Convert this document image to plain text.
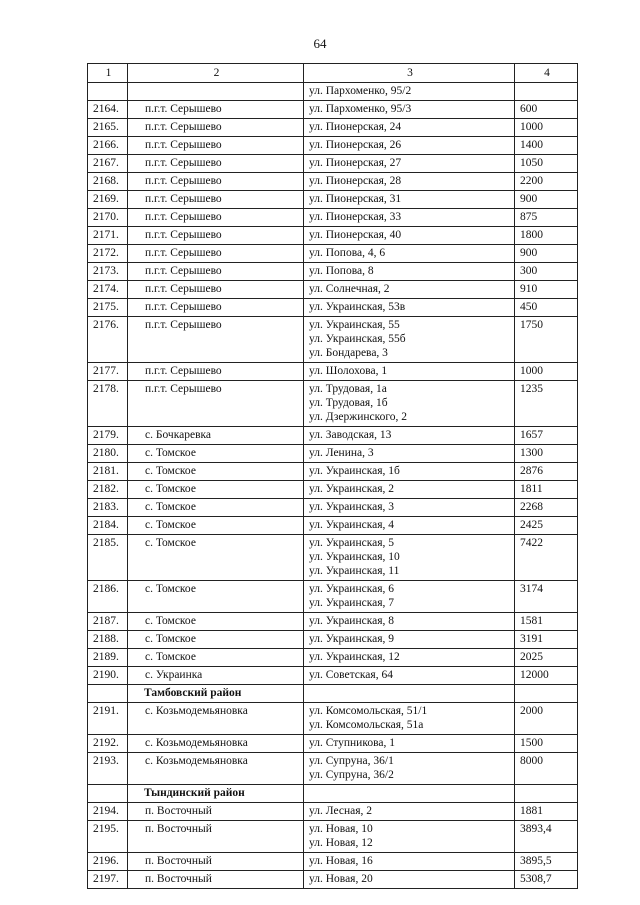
64
1	2	3	4

		ул. Пархоменко, 95/2	

2164.	п.г.т. Серышево	ул. Пархоменко, 95/3	600
2165.	п.г.т. Серышево	ул. Пионерская, 24	1000
2166.	п.г.т. Серышево	ул. Пионерская, 26	1400
2167.	п.г.т. Серышево	ул. Пионерская, 27	1050
2168.	п.г.т. Серышево	ул. Пионерская, 28	2200
2169.	п.г.т. Серышево	ул. Пионерская, 31	900
2170.	п.г.т. Серышево	ул. Пионерская, 33	875
2171.	п.г.т. Серышево	ул. Пионерская, 40	1800
2172.	п.г.т. Серышево	ул. Попова, 4, 6	900
2173.	п.г.т. Серышево	ул. Попова, 8	300
2174.	п.г.т. Серышево	ул. Солнечная, 2	910
2175.	п.г.т. Серышево	ул. Украинская, 53в	450
2176.	п.г.т. Серышево	ул. Украинская, 55
ул. Украинская, 55б
ул. Бондарева, 3	1750
2177.	п.г.т. Серышево	ул. Шолохова, 1	1000
2178.	п.г.т. Серышево	ул. Трудовая, 1а
ул. Трудовая, 1б
ул. Дзержинского, 2	1235
2179.	с. Бочкаревка	ул. Заводская, 13	1657
2180.	с. Томское	ул. Ленина, 3	1300
2181.	с. Томское	ул. Украинская, 1б	2876
2182.	с. Томское	ул. Украинская, 2	1811
2183.	с. Томское	ул. Украинская, 3	2268
2184.	с. Томское	ул. Украинская, 4	2425
2185.	с. Томское	ул. Украинская, 5
ул. Украинская, 10
ул. Украинская, 11	7422
2186.	с. Томское	ул. Украинская, 6
ул. Украинская, 7	3174
2187.	с. Томское	ул. Украинская, 8	1581
2188.	с. Томское	ул. Украинская, 9	3191
2189.	с. Томское	ул. Украинская, 12	2025
2190.	с. Украинка	ул. Советская, 64	12000
	Тамбовский район		
2191.	с. Козьмодемьяновка	ул. Комсомольская, 51/1
ул. Комсомольская, 51а	2000
2192.	с. Козьмодемьяновка	ул. Ступникова, 1	1500
2193.	с. Козьмодемьяновка	ул. Супруна, 36/1
ул. Супруна, 36/2	8000
	Тындинский район		
2194.	п. Восточный	ул. Лесная, 2	1881
2195.	п. Восточный	ул. Новая, 10
ул. Новая, 12	3893,4
2196.	п. Восточный	ул. Новая, 16	3895,5
2197.	п. Восточный	ул. Новая, 20	5308,7
